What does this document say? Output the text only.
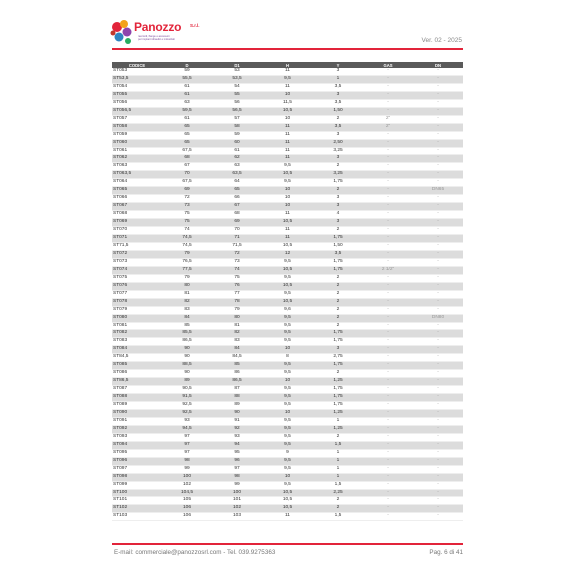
Panozzo S.r.l.
raccordi, flange e accessori
per impianti idraulici e industriali	Ver. 02 - 2025
CODICE	D	D1	H	Y	GAS	DN
ST053	59	53	11	3	-	-
ST53,5	55,5	53,5	9,5	1	-	-
ST054	61	54	11	3,5	-	-
ST055	61	55	10	3	-	-
ST056	63	56	11,5	3,5	-	-
ST056,5	59,5	56,5	10,5	1,50	-	-
ST057	61	57	10	2	2"	-
ST058	65	58	11	3,5	2"	-
ST059	65	59	11	3	-	-
ST060	65	60	11	2,50	-	-
ST061	67,5	61	11	3,25	-	-
ST062	68	62	11	3	-	-
ST063	67	63	9,5	2	-	-
ST063,5	70	63,5	10,5	3,25	-	-
ST064	67,5	64	9,5	1,75	-	-
ST065	69	65	10	2	-	DN65
ST066	72	66	10	3	-	-
ST067	73	67	10	3	-	-
ST068	75	68	11	4	-	-
ST069	75	69	10,5	3	-	-
ST070	74	70	11	2	-	-
ST071	74,5	71	11	1,75	-	-
ST71,5	74,5	71,5	10,5	1,50	-	-
ST072	79	72	12	3,5	-	-
ST073	76,5	73	9,5	1,75	-	-
ST074	77,5	74	10,5	1,75	2 1/2"	-
ST075	79	75	9,5	2	-	-
ST076	80	76	10,5	2	-	-
ST077	81	77	9,5	2	-	-
ST078	82	78	10,5	2	-	-
ST079	83	79	9,6	2	-	-
ST080	84	80	9,5	2	-	DN80
ST081	85	81	9,5	2	-	-
ST082	85,5	82	9,5	1,75	-	-
ST083	86,5	83	9,5	1,75	-	-
ST084	90	84	10	3	-	-
ST84,5	90	84,5	8	2,75	-	-
ST085	88,5	85	9,5	1,75	-	-
ST086	90	86	9,5	2	-	-
ST86,5	89	86,5	10	1,25	-	-
ST087	90,5	87	9,5	1,75	-	-
ST088	91,5	88	9,5	1,75	-	-
ST089	92,5	89	9,5	1,75	-	-
ST090	92,5	90	10	1,25	-	-
ST091	93	91	9,5	1	-	-
ST092	94,5	92	9,5	1,25	-	-
ST093	97	93	9,5	2	-	-
ST094	97	94	9,5	1,5	-	-
ST095	97	95	9	1	-	-
ST096	98	96	9,5	1	-	-
ST097	99	97	9,5	1	-	-
ST098	100	98	10	1	-	-
ST099	102	99	9,5	1,5	-	-
ST100	104,5	100	10,5	2,25	-	-
ST101	105	101	10,5	2	-	-
ST102	106	102	10,5	2	-	-
ST103	106	103	11	1,5	-	-
E-mail: commerciale@panozzosrl.com - Tel. 039.9275363	Pag. 6 di 41
